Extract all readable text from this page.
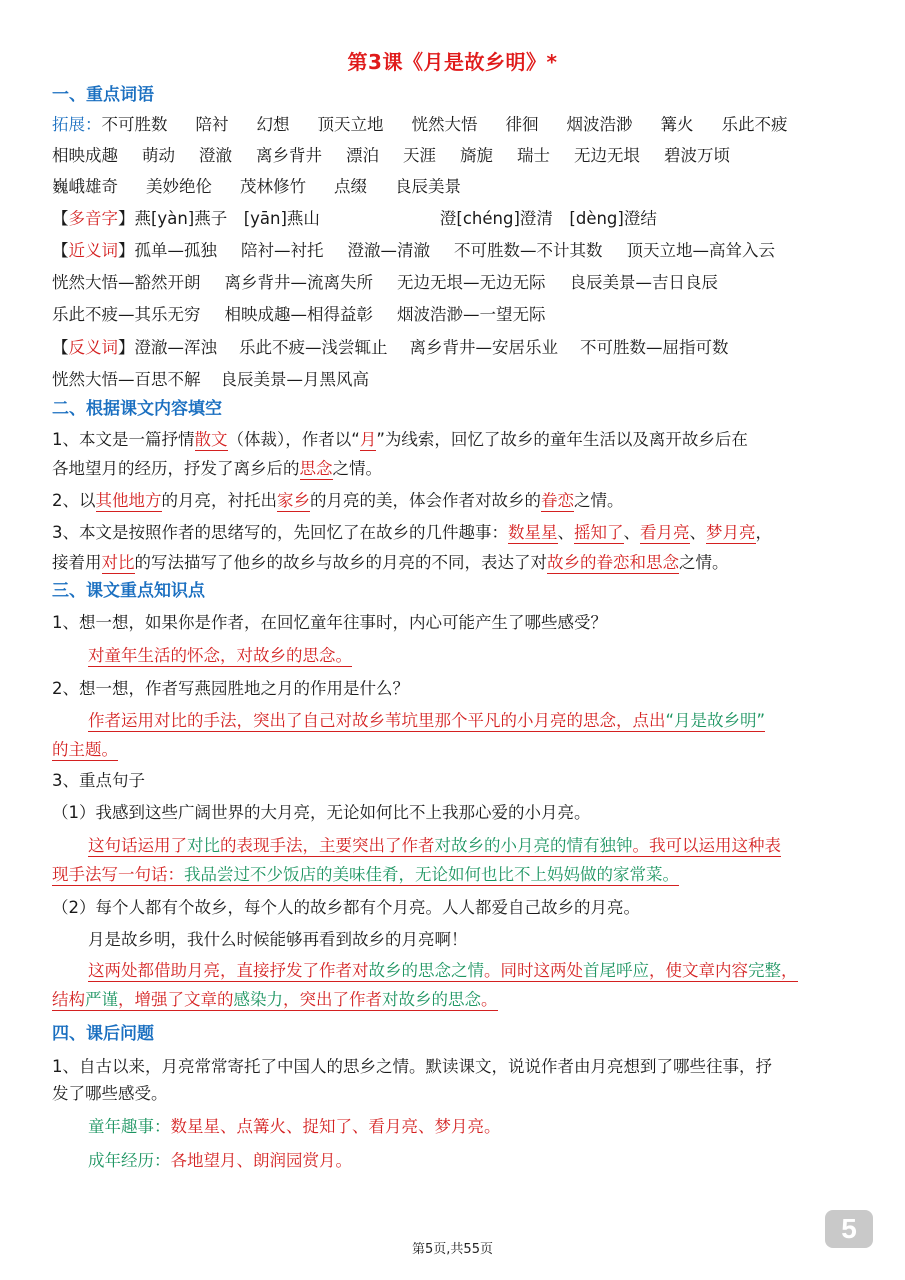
第3课《月是故乡明》*
一、重点词语
拓展：不可胜数 陪衬 幻想 顶天立地 恍然大悟 徘徊 烟波浩渺 篝火 乐此不疲
相映成趣 萌动 澄澈 离乡背井 漂泊 天涯 旖旎 瑞士 无边无垠 碧波万顷
巍峨雄奇 美妙绝伦 茂林修竹 点缀 良辰美景
【多音字】燕[yàn]燕子　[yān]燕山	澄[chéng]澄清　[dèng]澄结
【近义词】孤单—孤独 陪衬—衬托 澄澈—清澈 不可胜数—不计其数 顶天立地—高耸入云
恍然大悟—豁然开朗 离乡背井—流离失所 无边无垠—无边无际 良辰美景—吉日良辰
乐此不疲—其乐无穷 相映成趣—相得益彰 烟波浩渺—一望无际
【反义词】澄澈—浑浊 乐此不疲—浅尝辄止 离乡背井—安居乐业 不可胜数—屈指可数
恍然大悟—百思不解 良辰美景—月黑风高
二、根据课文内容填空
1、本文是一篇抒情散文（体裁），作者以“月”为线索，回忆了故乡的童年生活以及离开故乡后在
各地望月的经历，抒发了离乡后的思念之情。
2、以其他地方的月亮，衬托出家乡的月亮的美，体会作者对故乡的眷恋之情。
3、本文是按照作者的思绪写的，先回忆了在故乡的几件趣事：数星星、摇知了、看月亮、梦月亮，
接着用对比的写法描写了他乡的故乡与故乡的月亮的不同，表达了对故乡的眷恋和思念之情。
三、课文重点知识点
1、想一想，如果你是作者，在回忆童年往事时，内心可能产生了哪些感受？
对童年生活的怀念，对故乡的思念。
2、想一想，作者写燕园胜地之月的作用是什么？
作者运用对比的手法，突出了自己对故乡苇坑里那个平凡的小月亮的思念，点出“月是故乡明”
的主题。
3、重点句子
（1）我感到这些广阔世界的大月亮，无论如何比不上我那心爱的小月亮。
这句话运用了对比的表现手法，主要突出了作者对故乡的小月亮的情有独钟。我可以运用这种表
现手法写一句话：我品尝过不少饭店的美味佳肴，无论如何也比不上妈妈做的家常菜。
（2）每个人都有个故乡，每个人的故乡都有个月亮。人人都爱自己故乡的月亮。
月是故乡明，我什么时候能够再看到故乡的月亮啊！
这两处都借助月亮，直接抒发了作者对故乡的思念之情。同时这两处首尾呼应，使文章内容完整，
结构严谨，增强了文章的感染力，突出了作者对故乡的思念。
四、课后问题
1、自古以来，月亮常常寄托了中国人的思乡之情。默读课文，说说作者由月亮想到了哪些往事，抒
发了哪些感受。
童年趣事：数星星、点篝火、捉知了、看月亮、梦月亮。
成年经历：各地望月、朗润园赏月。
5
第5页,共55页
